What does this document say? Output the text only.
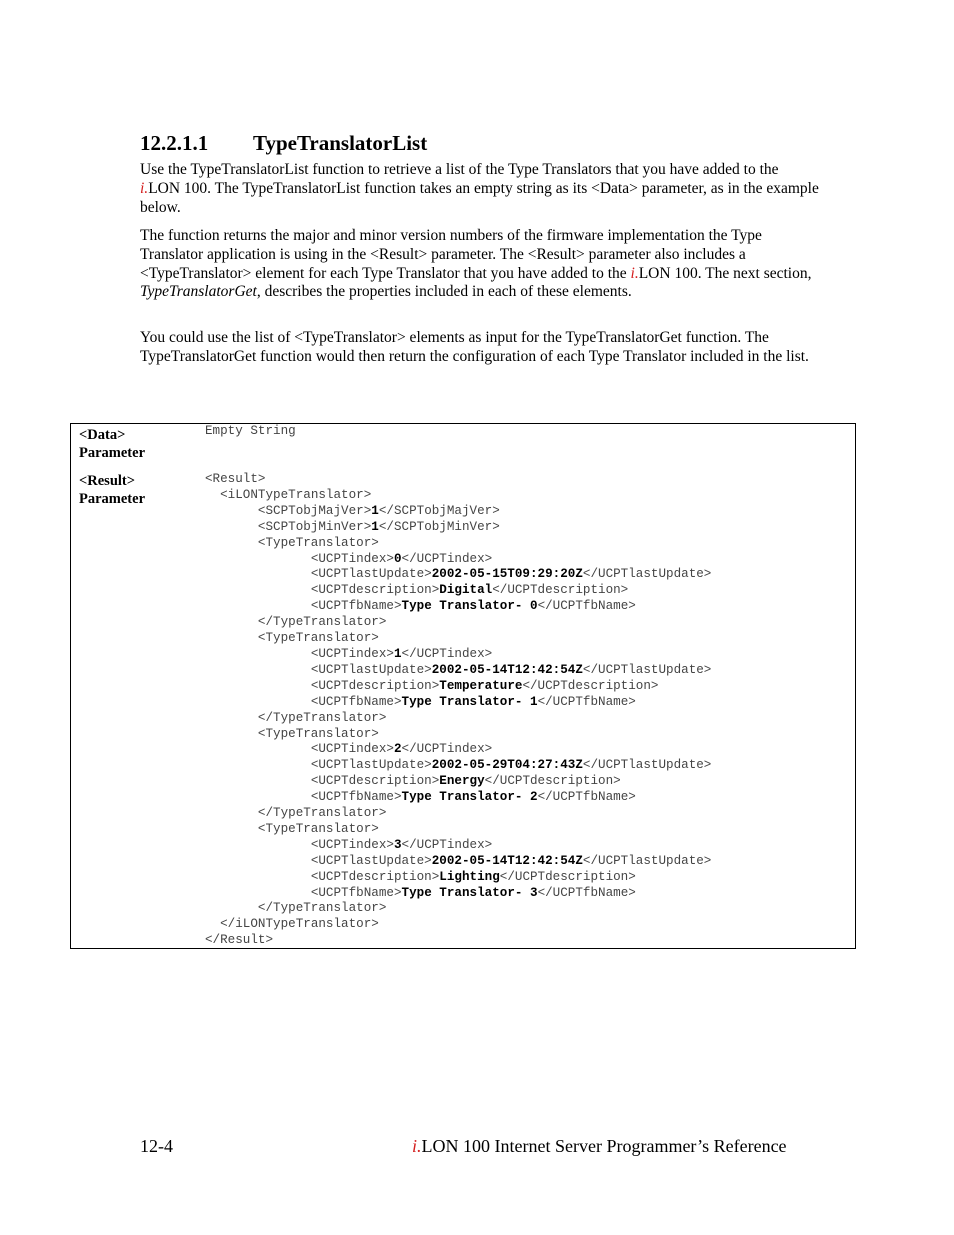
12.2.1.1 TypeTranslatorList
Use the TypeTranslatorList function to retrieve a list of the Type Translators that you have added to the i.LON 100. The TypeTranslatorList function takes an empty string as its <Data> parameter, as in the example below.
The function returns the major and minor version numbers of the firmware implementation the Type Translator application is using in the <Result> parameter. The <Result> parameter also includes a <TypeTranslator> element for each Type Translator that you have added to the i.LON 100. The next section, TypeTranslatorGet, describes the properties included in each of these elements.
You could use the list of <TypeTranslator> elements as input for the TypeTranslatorGet function. The TypeTranslatorGet function would then return the configuration of each Type Translator included in the list.
<Data>
Parameter
Empty String
<Result>
Parameter
<Result>
<iLONTypeTranslator>
<SCPTobjMajVer>1</SCPTobjMajVer>
<SCPTobjMinVer>1</SCPTobjMinVer>
<TypeTranslator>
<UCPTindex>0</UCPTindex>
<UCPTlastUpdate>2002-05-15T09:29:20Z</UCPTlastUpdate>
<UCPTdescription>Digital</UCPTdescription>
<UCPTfbName>Type Translator- 0</UCPTfbName>
</TypeTranslator>
<TypeTranslator>
<UCPTindex>1</UCPTindex>
<UCPTlastUpdate>2002-05-14T12:42:54Z</UCPTlastUpdate>
<UCPTdescription>Temperature</UCPTdescription>
<UCPTfbName>Type Translator- 1</UCPTfbName>
</TypeTranslator>
<TypeTranslator>
<UCPTindex>2</UCPTindex>
<UCPTlastUpdate>2002-05-29T04:27:43Z</UCPTlastUpdate>
<UCPTdescription>Energy</UCPTdescription>
<UCPTfbName>Type Translator- 2</UCPTfbName>
</TypeTranslator>
<TypeTranslator>
<UCPTindex>3</UCPTindex>
<UCPTlastUpdate>2002-05-14T12:42:54Z</UCPTlastUpdate>
<UCPTdescription>Lighting</UCPTdescription>
<UCPTfbName>Type Translator- 3</UCPTfbName>
</TypeTranslator>
</iLONTypeTranslator>
</Result>
12-4	i.LON 100 Internet Server Programmer’s Reference
